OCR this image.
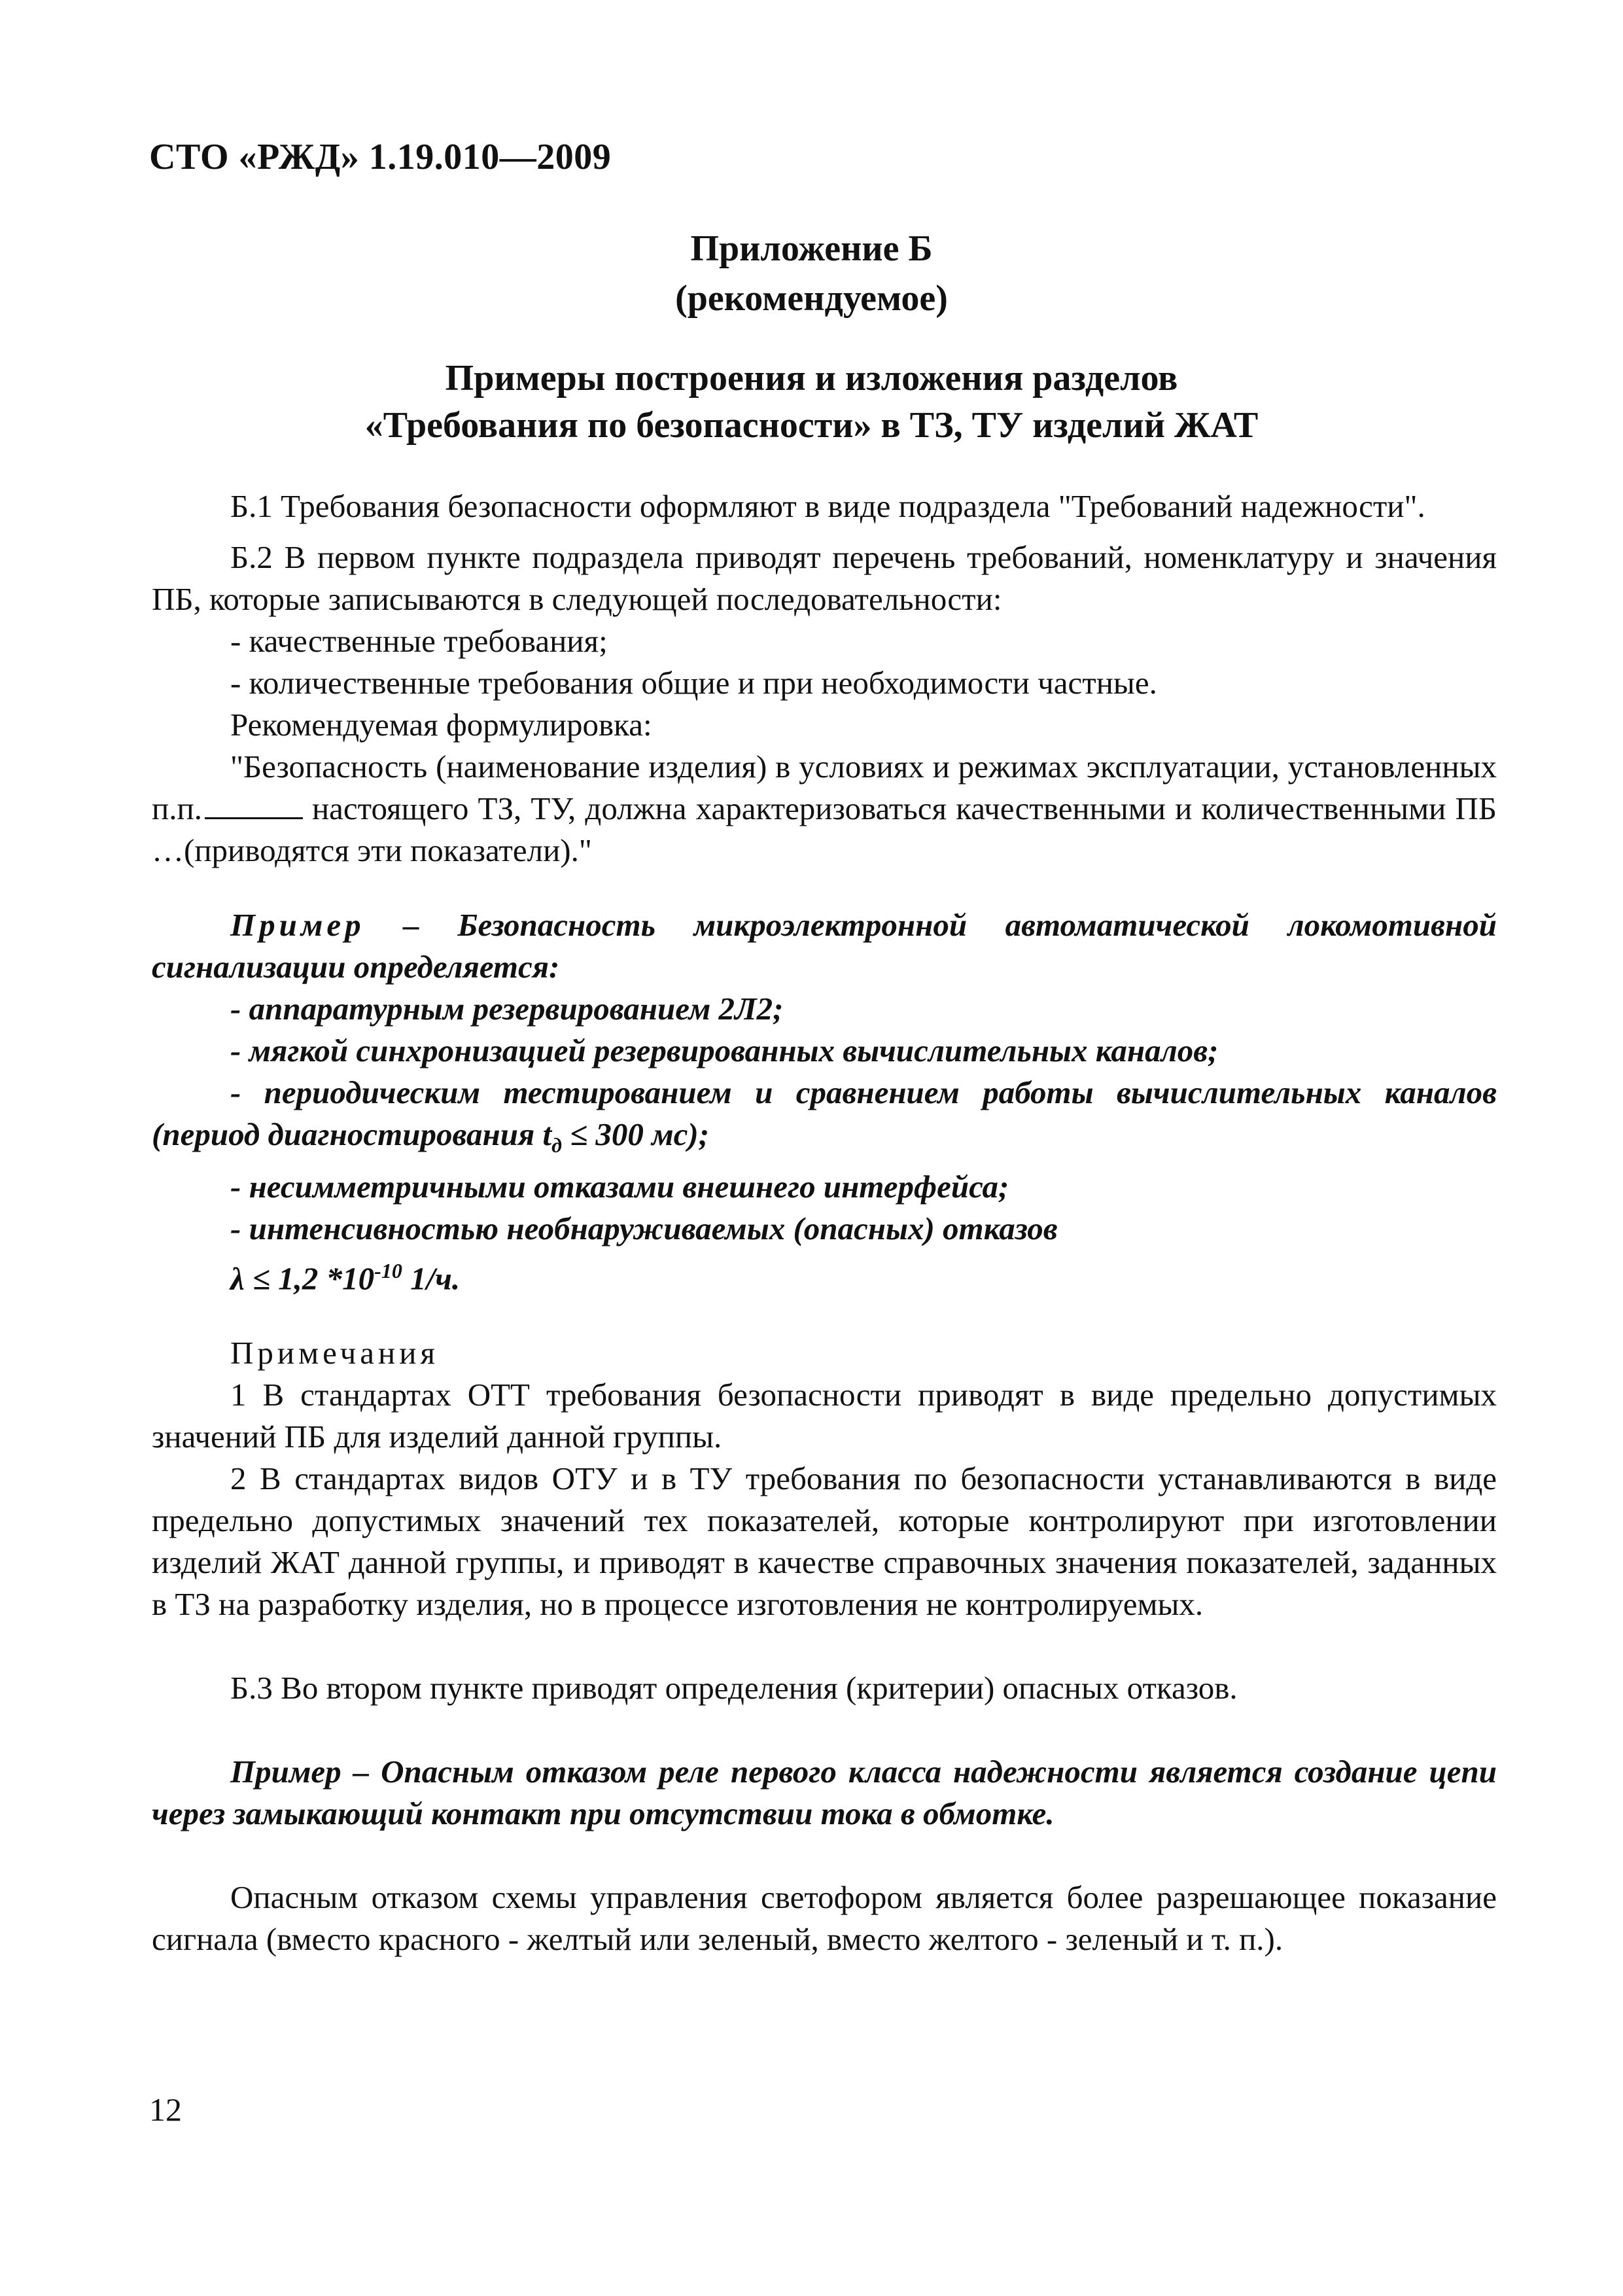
СТО «РЖД» 1.19.010—2009
Приложение Б
(рекомендуемое)
Примеры построения и изложения разделов
«Требования по безопасности» в ТЗ, ТУ изделий ЖАТ

Б.1 Требования безопасности оформляют в виде подраздела "Требований надежности".

Б.2 В первом пункте подраздела приводят перечень требований, номенклатуру и значения ПБ, которые записываются в следующей последовательности:

- качественные требования;

- количественные требования общие и при необходимости частные.

Рекомендуемая формулировка:

"Безопасность (наименование изделия) в условиях и режимах эксплуатации, установленных п.п.	настоящего ТЗ, ТУ, должна характеризоваться качественными и количественными ПБ …(приводятся эти показатели)."

Пример – Безопасность микроэлектронной автоматической локомотивной сигнализации определяется:

- аппаратурным резервированием 2Л2;

- мягкой синхронизацией резервированных вычислительных каналов;

- периодическим тестированием и сравнением работы вычислительных каналов (период диагностирования $t_д \le 300$ мс);

- несимметричными отказами внешнего интерфейса;

- интенсивностью необнаруживаемых (опасных) отказов

λ ≤ 1,2 $*10^{-10}$ 1/ч.

Примечания

1 В стандартах ОТТ требования безопасности приводят в виде предельно допустимых значений ПБ для изделий данной группы.

2 В стандартах видов ОТУ и в ТУ требования по безопасности устанавливаются в виде предельно допустимых значений тех показателей, которые контролируют при изготовлении изделий ЖАТ данной группы, и приводят в качестве справочных значения показателей, заданных в ТЗ на разработку изделия, но в процессе изготовления не контролируемых.

Б.3 Во втором пункте приводят определения (критерии) опасных отказов.

Пример – Опасным отказом реле первого класса надежности является создание цепи через замыкающий контакт при отсутствии тока в обмотке.

Опасным отказом схемы управления светофором является более разрешающее показание сигнала (вместо красного - желтый или зеленый, вместо желтого - зеленый и т. п.).

12
